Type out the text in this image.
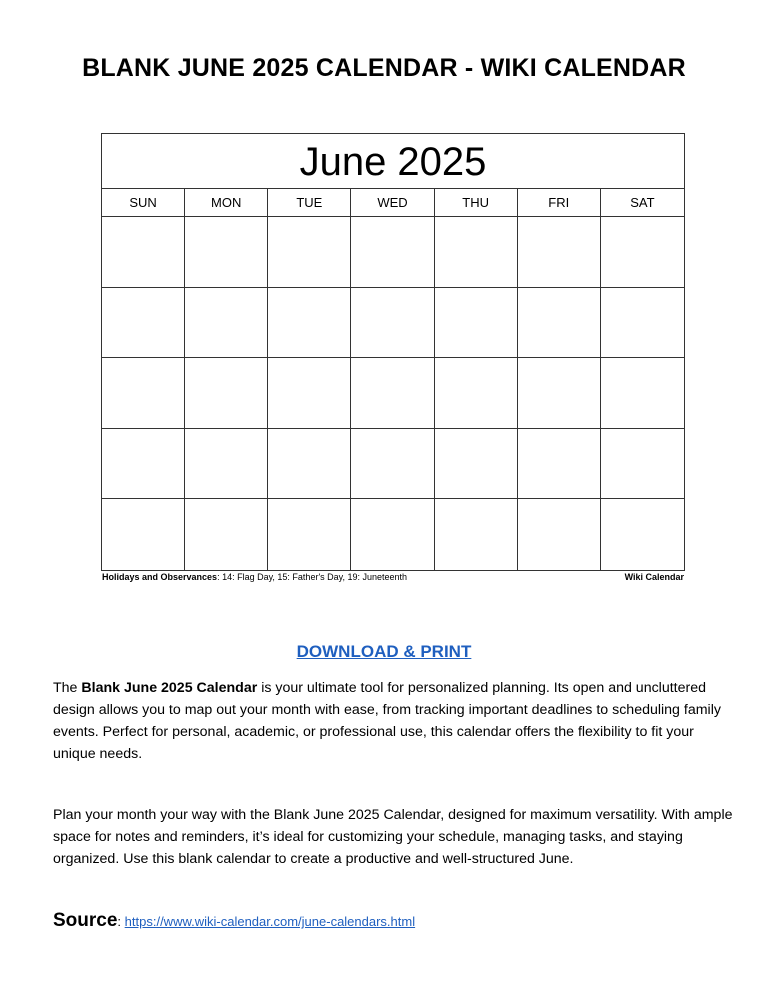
BLANK JUNE 2025 CALENDAR - WIKI CALENDAR
June 2025
SUN	MON	TUE	WED	THU	FRI	SAT
Holidays and Observances: 14: Flag Day, 15: Father's Day, 19: Juneteenth	Wiki Calendar
DOWNLOAD & PRINT
The Blank June 2025 Calendar is your ultimate tool for personalized planning. Its open and uncluttered design allows you to map out your month with ease, from tracking important deadlines to scheduling family events. Perfect for personal, academic, or professional use, this calendar offers the flexibility to fit your unique needs.
Plan your month your way with the Blank June 2025 Calendar, designed for maximum versatility. With ample space for notes and reminders, it’s ideal for customizing your schedule, managing tasks, and staying organized. Use this blank calendar to create a productive and well-structured June.
Source: https://www.wiki-calendar.com/june-calendars.html
